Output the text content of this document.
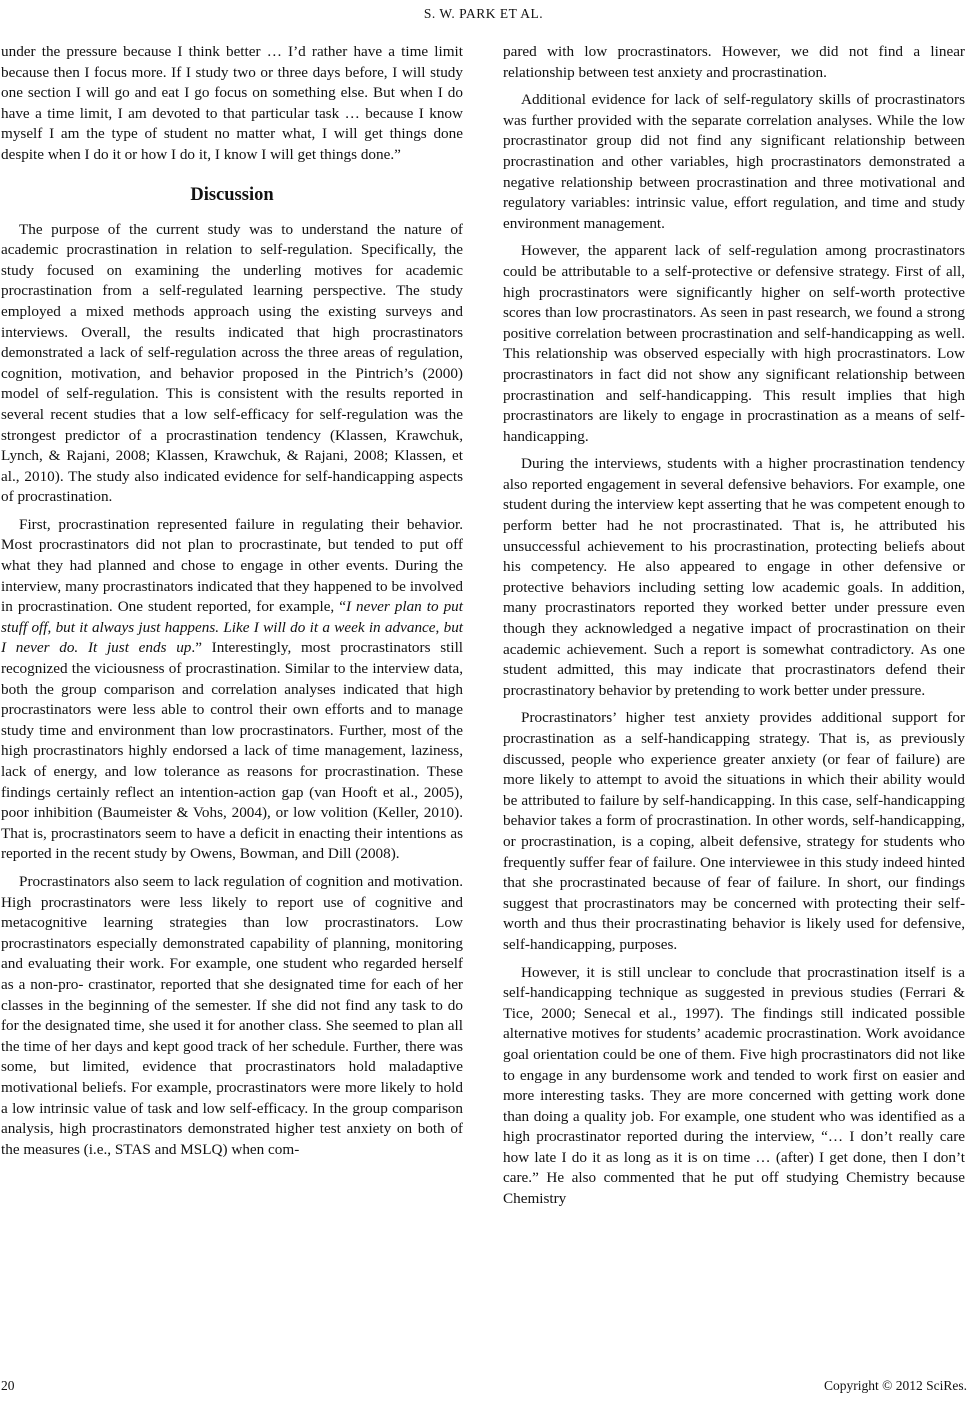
S. W. PARK ET AL.

under the pressure because I think better … I’d rather have a time limit because then I focus more. If I study two or three days before, I will study one section I will go and eat I go focus on something else. But when I do have a time limit, I am devoted to that particular task … because I know myself I am the type of student no matter what, I will get things done despite when I do it or how I do it, I know I will get things done.”

Discussion

The purpose of the current study was to understand the nature of academic procrastination in relation to self-regulation. Specifically, the study focused on examining the underling motives for academic procrastination from a self-regulated learning perspective. The study employed a mixed methods approach using the existing surveys and interviews. Overall, the results indicated that high procrastinators demonstrated a lack of self-regulation across the three areas of regulation, cognition, motivation, and behavior proposed in the Pintrich’s (2000) model of self-regulation. This is consistent with the results reported in several recent studies that a low self-efficacy for self-regulation was the strongest predictor of a procrastination tendency (Klassen, Krawchuk, Lynch, & Rajani, 2008; Klassen, Krawchuk, & Rajani, 2008; Klassen, et al., 2010). The study also indicated evidence for self-handicapping aspects of procrastination.

First, procrastination represented failure in regulating their behavior. Most procrastinators did not plan to procrastinate, but tended to put off what they had planned and chose to engage in other events. During the interview, many procrastinators indicated that they happened to be involved in procrastination. One student reported, for example, “I never plan to put stuff off, but it always just happens. Like I will do it a week in advance, but I never do. It just ends up.” Interestingly, most procrastinators still recognized the viciousness of procrastination. Similar to the interview data, both the group comparison and correlation analyses indicated that high procrastinators were less able to control their own efforts and to manage study time and environment than low procrastinators. Further, most of the high procrastinators highly endorsed a lack of time management, laziness, lack of energy, and low tolerance as reasons for procrastination. These findings certainly reflect an intention-action gap (van Hooft et al., 2005), poor inhibition (Baumeister & Vohs, 2004), or low volition (Keller, 2010). That is, procrastinators seem to have a deficit in enacting their intentions as reported in the recent study by Owens, Bowman, and Dill (2008).

Procrastinators also seem to lack regulation of cognition and motivation. High procrastinators were less likely to report use of cognitive and metacognitive learning strategies than low procrastinators. Low procrastinators especially demonstrated capability of planning, monitoring and evaluating their work. For example, one student who regarded herself as a non-pro- crastinator, reported that she designated time for each of her classes in the beginning of the semester. If she did not find any task to do for the designated time, she used it for another class. She seemed to plan all the time of her days and kept good track of her schedule. Further, there was some, but limited, evidence that procrastinators hold maladaptive motivational beliefs. For example, procrastinators were more likely to hold a low intrinsic value of task and low self-efficacy. In the group comparison analysis, high procrastinators demonstrated higher test anxiety on both of the measures (i.e., STAS and MSLQ) when com-

pared with low procrastinators. However, we did not find a linear relationship between test anxiety and procrastination.

Additional evidence for lack of self-regulatory skills of procrastinators was further provided with the separate correlation analyses. While the low procrastinator group did not find any significant relationship between procrastination and other variables, high procrastinators demonstrated a negative relationship between procrastination and three motivational and regulatory variables: intrinsic value, effort regulation, and time and study environment management.

However, the apparent lack of self-regulation among procrastinators could be attributable to a self-protective or defensive strategy. First of all, high procrastinators were significantly higher on self-worth protective scores than low procrastinators. As seen in past research, we found a strong positive correlation between procrastination and self-handicapping as well. This relationship was observed especially with high procrastinators. Low procrastinators in fact did not show any significant relationship between procrastination and self-handicapping. This result implies that high procrastinators are likely to engage in procrastination as a means of self-handicapping.

During the interviews, students with a higher procrastination tendency also reported engagement in several defensive behaviors. For example, one student during the interview kept asserting that he was competent enough to perform better had he not procrastinated. That is, he attributed his unsuccessful achievement to his procrastination, protecting beliefs about his competency. He also appeared to engage in other defensive or protective behaviors including setting low academic goals. In addition, many procrastinators reported they worked better under pressure even though they acknowledged a negative impact of procrastination on their academic achievement. Such a report is somewhat contradictory. As one student admitted, this may indicate that procrastinators defend their procrastinatory behavior by pretending to work better under pressure.

Procrastinators’ higher test anxiety provides additional support for procrastination as a self-handicapping strategy. That is, as previously discussed, people who experience greater anxiety (or fear of failure) are more likely to attempt to avoid the situations in which their ability would be attributed to failure by self-handicapping. In this case, self-handicapping behavior takes a form of procrastination. In other words, self-handicapping, or procrastination, is a coping, albeit defensive, strategy for students who frequently suffer fear of failure. One interviewee in this study indeed hinted that she procrastinated because of fear of failure. In short, our findings suggest that procrastinators may be concerned with protecting their self-worth and thus their procrastinating behavior is likely used for defensive, self-handicapping, purposes.

However, it is still unclear to conclude that procrastination itself is a self-handicapping technique as suggested in previous studies (Ferrari & Tice, 2000; Senecal et al., 1997). The findings still indicated possible alternative motives for students’ academic procrastination. Work avoidance goal orientation could be one of them. Five high procrastinators did not like to engage in any burdensome work and tended to work first on easier and more interesting tasks. They are more concerned with getting work done than doing a quality job. For example, one student who was identified as a high procrastinator reported during the interview, “… I don’t really care how late I do it as long as it is on time … (after) I get done, then I don’t care.” He also commented that he put off studying Chemistry because Chemistry

20	Copyright © 2012 SciRes.
